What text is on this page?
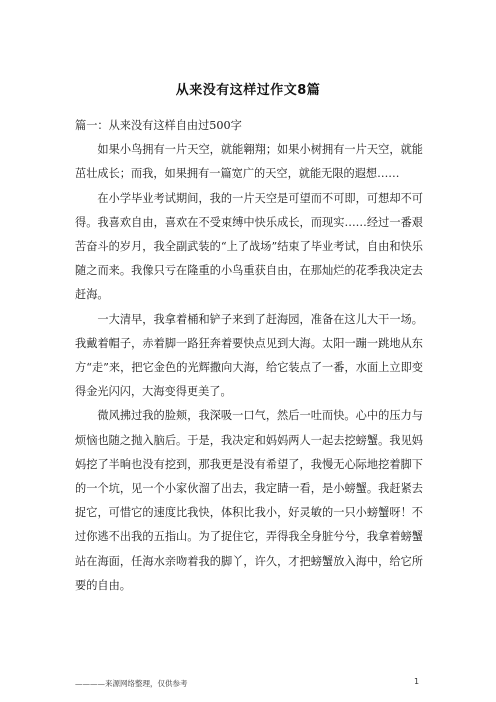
从来没有这样过作文8篇

篇一：从来没有这样自由过500字

如果小鸟拥有一片天空，就能翱翔；如果小树拥有一片天空，就能茁壮成长；而我，如果拥有一篇宽广的天空，就能无限的遐想……

在小学毕业考试期间，我的一片天空是可望而不可即，可想却不可得。我喜欢自由，喜欢在不受束缚中快乐成长，而现实……经过一番艰苦奋斗的岁月，我全副武装的“上了战场”结束了毕业考试，自由和快乐随之而来。我像只亏在隆重的小鸟重获自由，在那灿烂的花季我决定去赶海。

一大清早，我拿着桶和铲子来到了赶海园，准备在这儿大干一场。我戴着帽子，赤着脚一路狂奔着要快点见到大海。太阳一蹦一跳地从东方“走”来，把它金色的光辉撒向大海，给它装点了一番，水面上立即变得金光闪闪，大海变得更美了。

微风拂过我的脸颊，我深吸一口气，然后一吐而快。心中的压力与烦恼也随之抛入脑后。于是，我决定和妈妈两人一起去挖螃蟹。我见妈妈挖了半晌也没有挖到，那我更是没有希望了，我慢无心际地挖着脚下的一个坑，见一个小家伙溜了出去，我定睛一看，是小螃蟹。我赶紧去捉它，可惜它的速度比我快，体积比我小，好灵敏的一只小螃蟹呀！不过你逃不出我的五指山。为了捉住它，弄得我全身脏兮兮，我拿着螃蟹站在海面，任海水亲吻着我的脚丫，许久，才把螃蟹放入海中，给它所要的自由。

————来源网络整理，仅供参考	1
